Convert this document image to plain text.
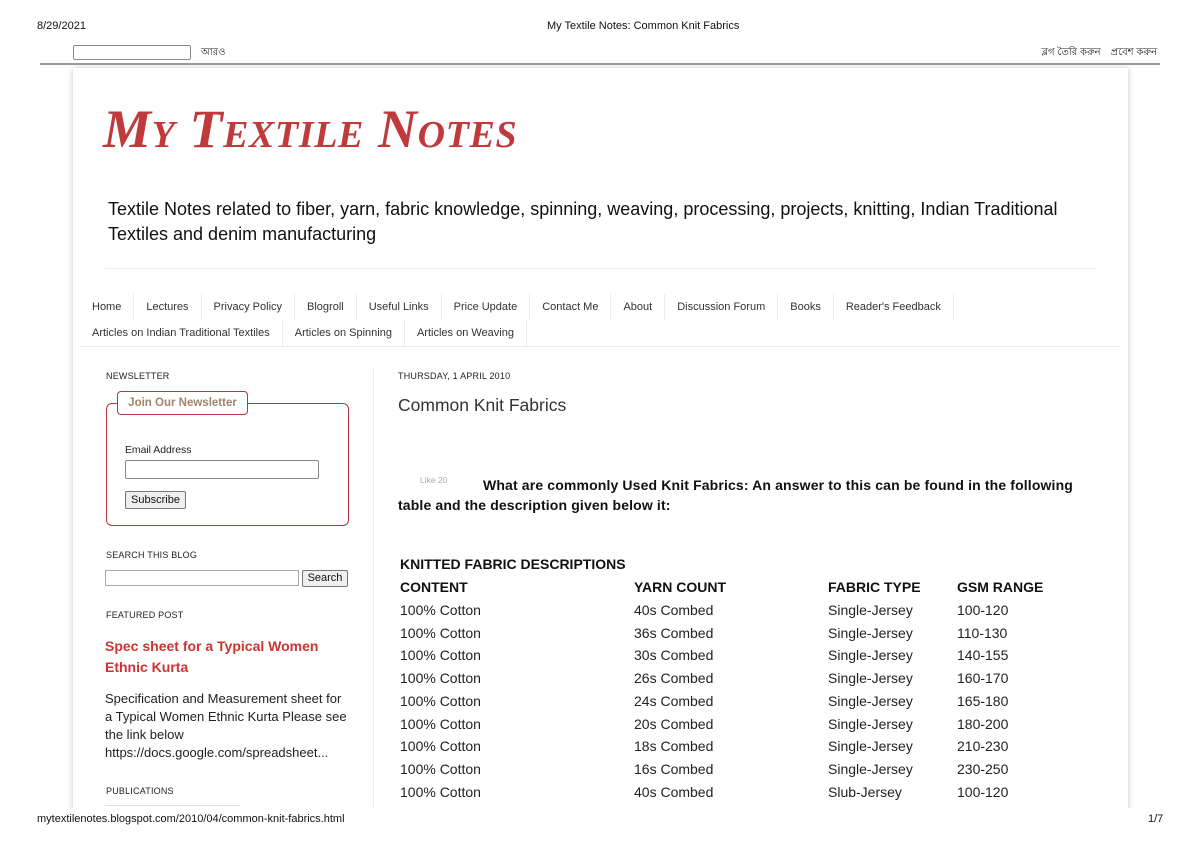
8/29/2021	My Textile Notes: Common Knit Fabrics
আরও	ব্লগ তৈরি করুন প্রবেশ করুন
My Textile Notes
Textile Notes related to fiber, yarn, fabric knowledge, spinning, weaving, processing, projects, knitting, Indian Traditional Textiles and denim manufacturing
Home	Lectures	Privacy Policy	Blogroll	Useful Links	Price Update	Contact Me	About	Discussion Forum	Books	Reader's Feedback
Articles on Indian Traditional Textiles	Articles on Spinning	Articles on Weaving
NEWSLETTER
Join Our Newsletter
Email Address
Subscribe
SEARCH THIS BLOG
Search
FEATURED POST
Spec sheet for a Typical Women Ethnic Kurta
Specification and Measurement sheet for a Typical Women Ethnic Kurta Please see the link below https://docs.google.com/spreadsheet...
PUBLICATIONS
THURSDAY, 1 APRIL 2010
Common Knit Fabrics
Like 20	What are commonly Used Knit Fabrics: An answer to this can be found in the following table and the description given below it:

KNITTED FABRIC DESCRIPTIONS
CONTENT	YARN COUNT	FABRIC TYPE	GSM RANGE
100% Cotton	40s Combed	Single-Jersey	100-120
100% Cotton	36s Combed	Single-Jersey	110-130
100% Cotton	30s Combed	Single-Jersey	140-155
100% Cotton	26s Combed	Single-Jersey	160-170
100% Cotton	24s Combed	Single-Jersey	165-180
100% Cotton	20s Combed	Single-Jersey	180-200
100% Cotton	18s Combed	Single-Jersey	210-230
100% Cotton	16s Combed	Single-Jersey	230-250
100% Cotton	40s Combed	Slub-Jersey	100-120
mytextilenotes.blogspot.com/2010/04/common-knit-fabrics.html	1/7
